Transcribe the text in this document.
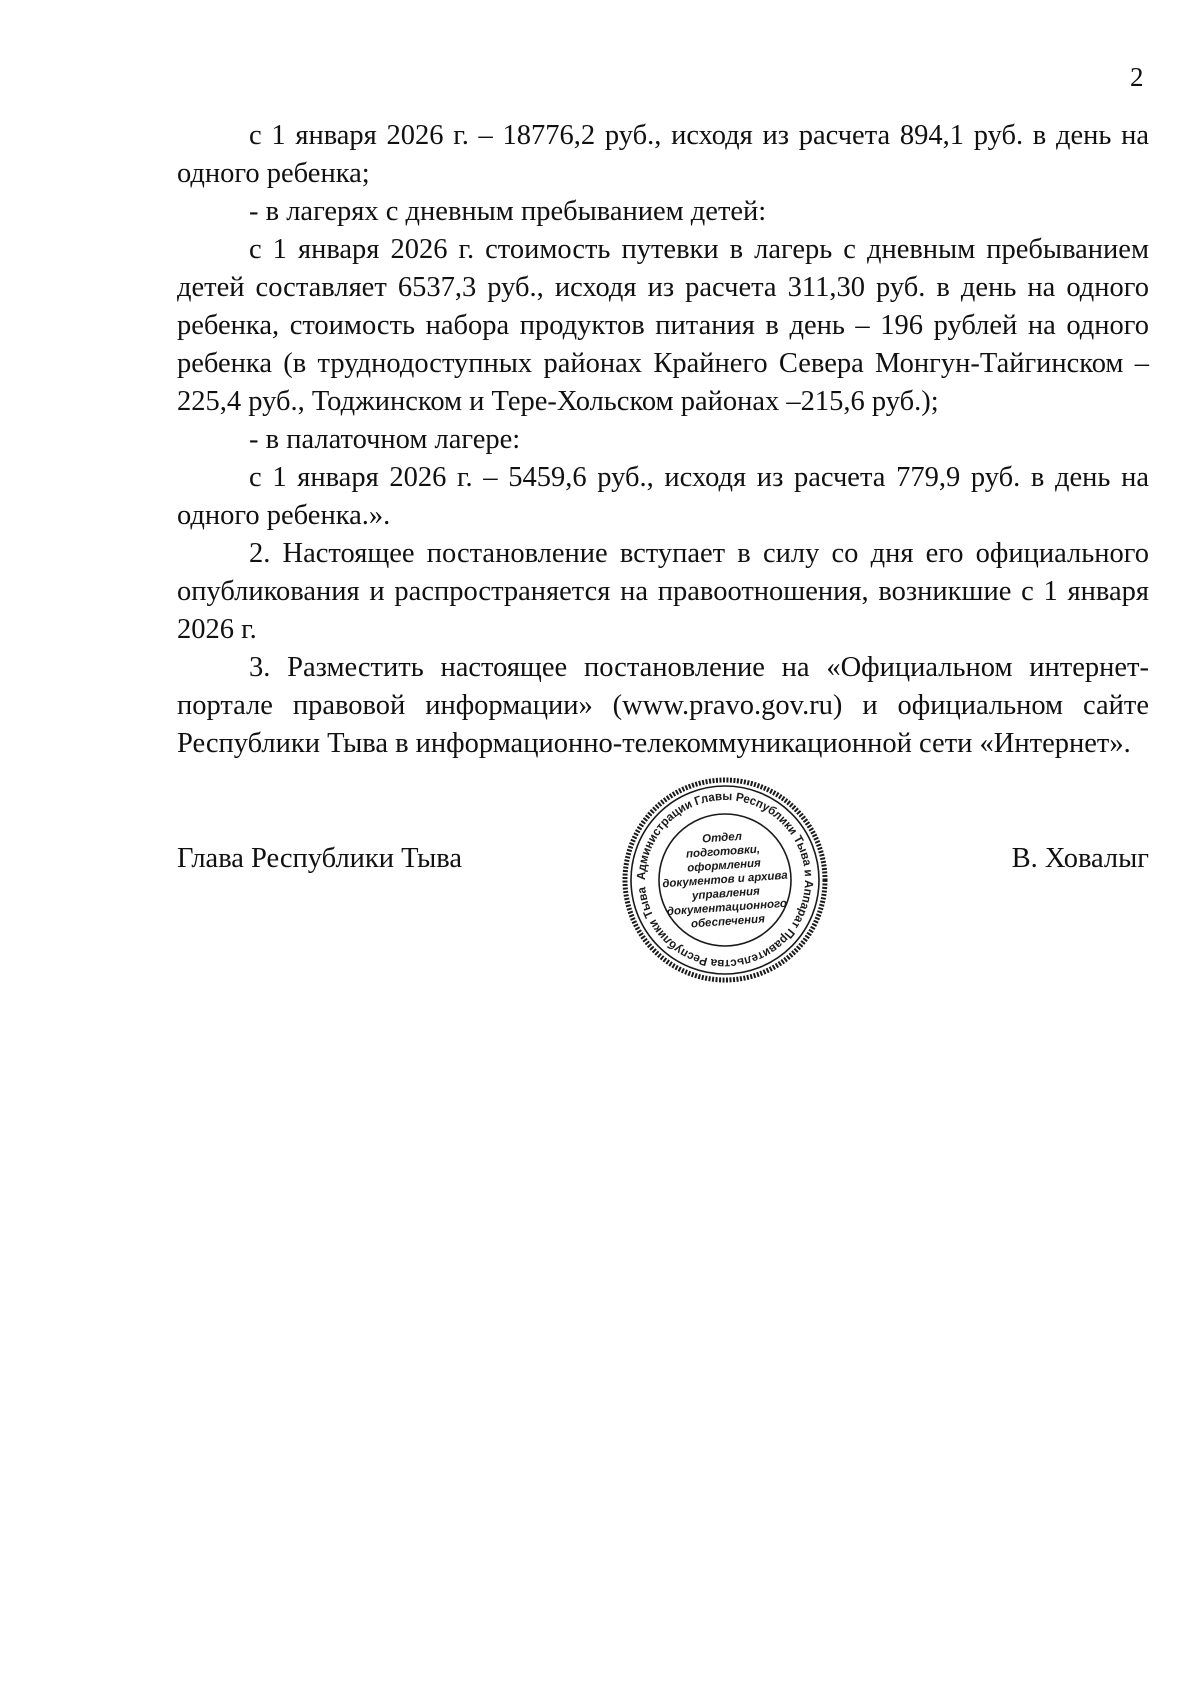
2

с 1 января 2026 г. – 18776,2 руб., исходя из расчета 894,1 руб. в день на одного ребенка;

- в лагерях с дневным пребыванием детей:

с 1 января 2026 г. стоимость путевки в лагерь с дневным пребыванием детей составляет 6537,3 руб., исходя из расчета 311,30 руб. в день на одного ребенка, стоимость набора продуктов питания в день – 196 рублей на одного ребенка (в труднодоступных районах Крайнего Севера Монгун-Тайгинском – 225,4 руб., Тоджинском и Тере-Хольском районах –215,6 руб.);

- в палаточном лагере:

с 1 января 2026 г. – 5459,6 руб., исходя из расчета 779,9 руб. в день на одного ребенка.».

2. Настоящее постановление вступает в силу со дня его официального опубликования и распространяется на правоотношения, возникшие с 1 января 2026 г.

3. Разместить настоящее постановление на «Официальном интернет-портале правовой информации» (www.pravo.gov.ru) и официальном сайте Республики Тыва в информационно-телекоммуникационной сети «Интернет».

Глава Республики Тыва	В. Ховалыг
Администрации Главы Республики Тыва и Аппарат Правительства Республики Тыва
Отдел
подготовки,
оформления
документов и архива
управления
документационного
обеспечения
